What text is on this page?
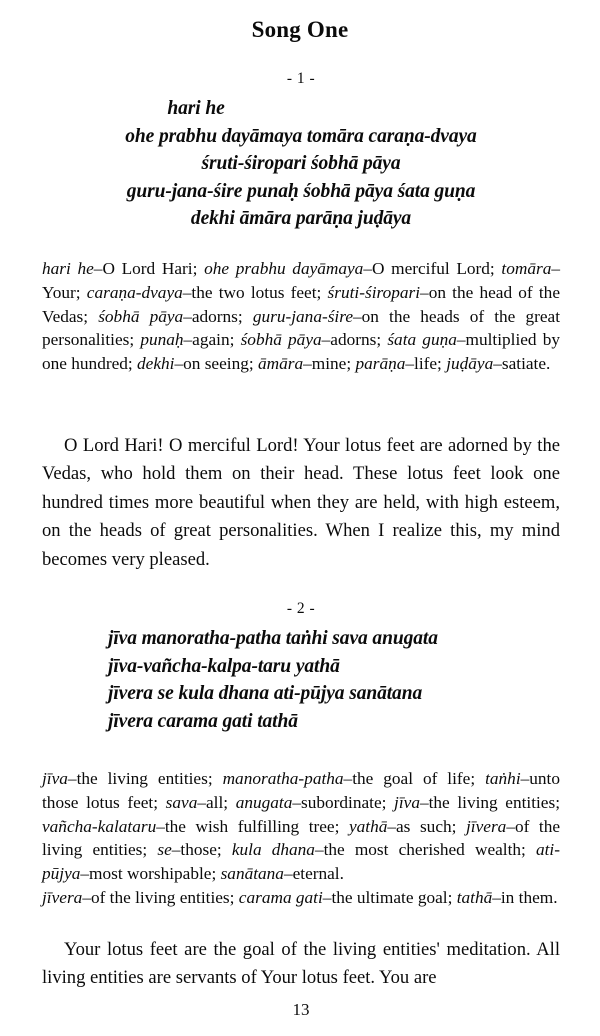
Song One
- 1 -
hari he
ohe prabhu dayāmaya tomāra caraṇa-dvaya
śruti-śiropari śobhā pāya
guru-jana-śire punaḥ śobhā pāya śata guṇa
dekhi āmāra parāṇa juḍāya

hari he–O Lord Hari; ohe prabhu dayāmaya–O merciful Lord; tomāra–Your; caraṇa-dvaya–the two lotus feet; śruti-śiropari–on the head of the Vedas; śobhā pāya–adorns; guru-jana-śire–on the heads of the great personalities; punaḥ–again; śobhā pāya–adorns; śata guṇa–multiplied by one hundred; dekhi–on seeing; āmāra–mine; parāṇa–life; juḍāya–satiate.

O Lord Hari! O merciful Lord! Your lotus feet are adorned by the Vedas, who hold them on their head. These lotus feet look one hundred times more beautiful when they are held, with high esteem, on the heads of great personalities. When I realize this, my mind becomes very pleased.

- 2 -
jīva manoratha-patha taṅhi sava anugata
jīva-vañcha-kalpa-taru yathā
jīvera se kula dhana ati-pūjya sanātana
jīvera carama gati tathā

jīva–the living entities; manoratha-patha–the goal of life; taṅhi–unto those lotus feet; sava–all; anugata–subordinate; jīva–the living entities; vañcha-kalataru–the wish fulfilling tree; yathā–as such; jīvera–of the living entities; se–those; kula dhana–the most cherished wealth; ati-pūjya–most worshipable; sanātana–eternal.

jīvera–of the living entities; carama gati–the ultimate goal; tathā–in them.

Your lotus feet are the goal of the living entities' meditation. All living entities are servants of Your lotus feet. You are

13
